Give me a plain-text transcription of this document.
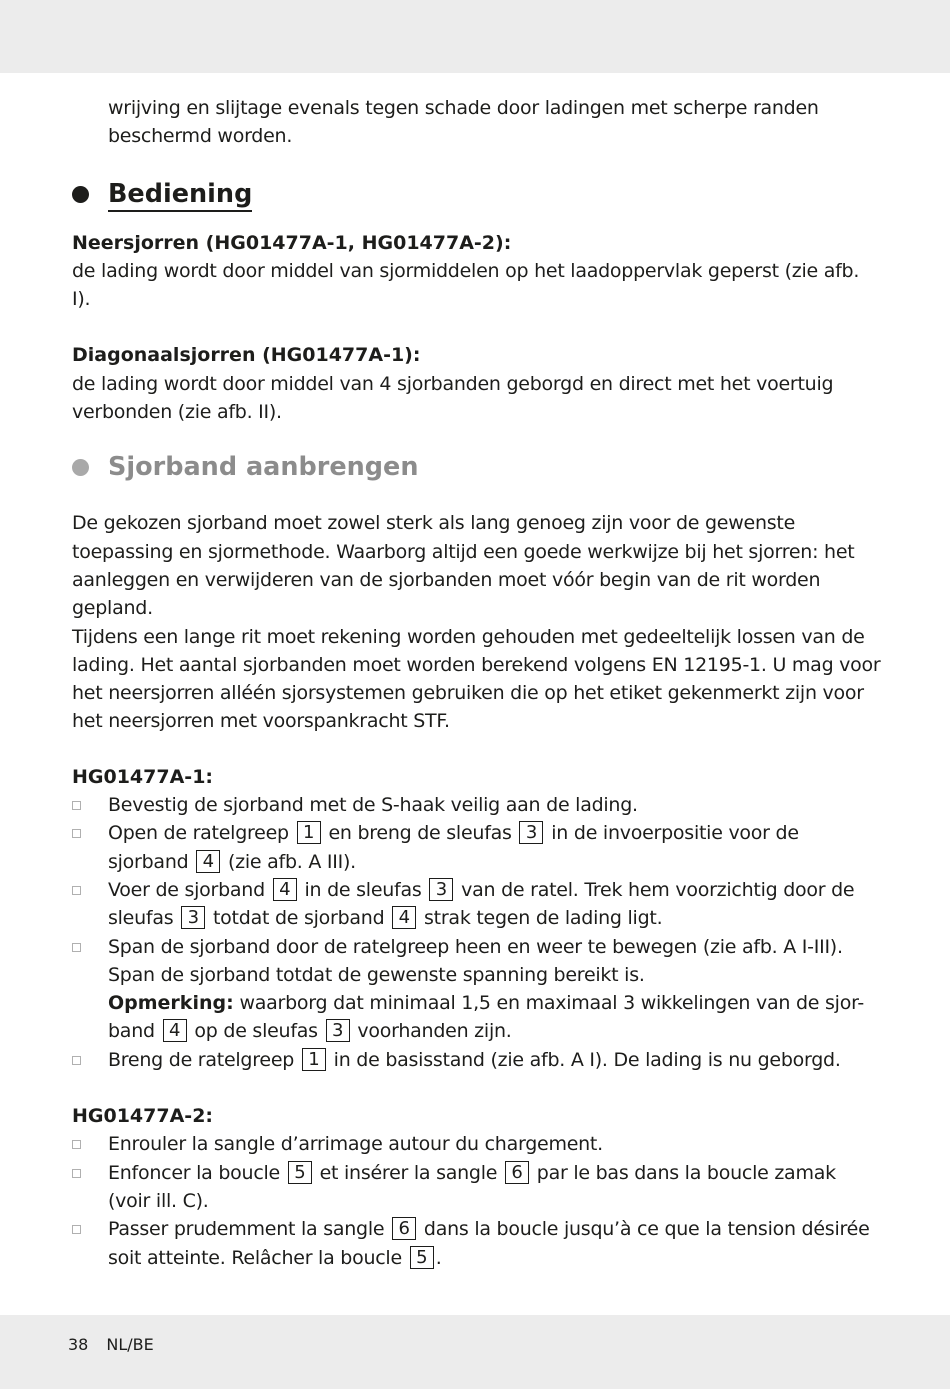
wrijving en slijtage evenals tegen schade door ladingen met scherpe randen beschermd worden.

Bediening

Neersjorren (HG01477A-1, HG01477A-2):

de lading wordt door middel van sjormiddelen op het laadoppervlak geperst (zie afb. I).

Diagonaalsjorren (HG01477A-1):

de lading wordt door middel van 4 sjorbanden geborgd en direct met het voertuig verbonden (zie afb. II).

Sjorband aanbrengen

De gekozen sjorband moet zowel sterk als lang genoeg zijn voor de gewenste toepassing en sjormethode. Waarborg altijd een goede werkwijze bij het sjorren: het aanleggen en verwijderen van de sjorbanden moet vóór begin van de rit worden gepland.

Tijdens een lange rit moet rekening worden gehouden met gedeeltelijk lossen van de lading. Het aantal sjorbanden moet worden berekend volgens EN 12195-1. U mag voor het neersjorren alléén sjorsystemen gebruiken die op het etiket gekenmerkt zijn voor het neersjorren met voorspankracht STF.

HG01477A-1:

Bevestig de sjorband met de S-haak veilig aan de lading.
Open de ratelgreep 1 en breng de sleufas 3 in de invoerpositie voor de sjorband 4 (zie afb. A III).
Voer de sjorband 4 in de sleufas 3 van de ratel. Trek hem voorzichtig door de sleufas 3 totdat de sjorband 4 strak tegen de lading ligt.
Span de sjorband door de ratelgreep heen en weer te bewegen (zie afb. A I-III).
Span de sjorband totdat de gewenste spanning bereikt is.
Opmerking: waarborg dat minimaal 1,5 en maximaal 3 wikkelingen van de sjor-band 4 op de sleufas 3 voorhanden zijn.
Breng de ratelgreep 1 in de basisstand (zie afb. A I). De lading is nu geborgd.

HG01477A-2:

Enrouler la sangle d’arrimage autour du chargement.
Enfoncer la boucle 5 et insérer la sangle 6 par le bas dans la boucle zamak
(voir ill. C).
Passer prudemment la sangle 6 dans la boucle jusqu’à ce que la tension désirée soit atteinte. Relâcher la boucle 5 .
38 NL/BE
